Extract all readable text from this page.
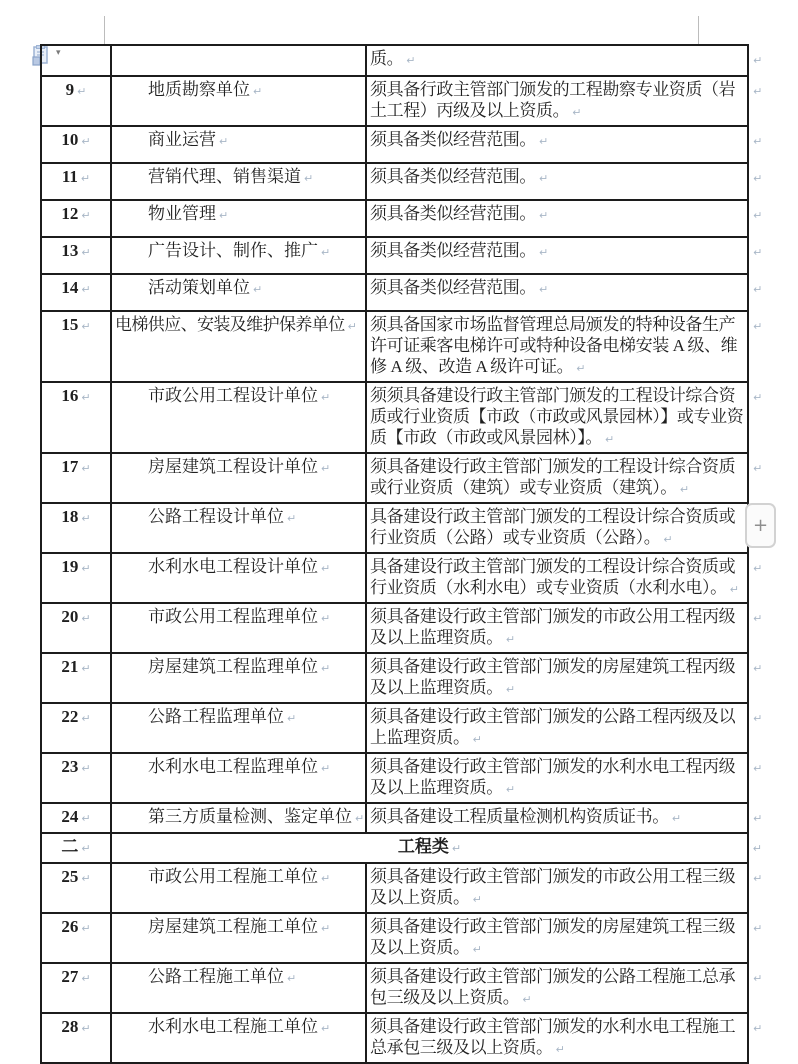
▾
			质。 ↵ ↵
9 ↵	地质勘察单位 ↵	须具备行政主管部门颁发的工程勘察专业资质（岩土工程）丙级及以上资质。 ↵ ↵
10 ↵	商业运营 ↵	须具备类似经营范围。 ↵ ↵
11 ↵	营销代理、销售渠道 ↵	须具备类似经营范围。 ↵ ↵
12 ↵	物业管理 ↵	须具备类似经营范围。 ↵ ↵
13 ↵	广告设计、制作、推广 ↵	须具备类似经营范围。 ↵ ↵
14 ↵	活动策划单位 ↵	须具备类似经营范围。 ↵ ↵
15 ↵	电梯供应、安装及维护保养单位 ↵	须具备国家市场监督管理总局颁发的特种设备生产许可证乘客电梯许可或特种设备电梯安装 A 级、维修 A 级、改造 A 级许可证。 ↵ ↵
16 ↵	市政公用工程设计单位 ↵	须须具备建设行政主管部门颁发的工程设计综合资质或行业资质【市政（市政或风景园林）】或专业资质【市政（市政或风景园林）】。 ↵ ↵
17 ↵	房屋建筑工程设计单位 ↵	须具备建设行政主管部门颁发的工程设计综合资质或行业资质（建筑）或专业资质（建筑）。 ↵ ↵
18 ↵	公路工程设计单位 ↵	具备建设行政主管部门颁发的工程设计综合资质或行业资质（公路）或专业资质（公路）。 ↵ ↵
19 ↵	水利水电工程设计单位 ↵	具备建设行政主管部门颁发的工程设计综合资质或行业资质（水利水电）或专业资质（水利水电）。 ↵ ↵
20 ↵	市政公用工程监理单位 ↵	须具备建设行政主管部门颁发的市政公用工程丙级及以上监理资质。 ↵ ↵
21 ↵	房屋建筑工程监理单位 ↵	须具备建设行政主管部门颁发的房屋建筑工程丙级及以上监理资质。 ↵ ↵
22 ↵	公路工程监理单位 ↵	须具备建设行政主管部门颁发的公路工程丙级及以上监理资质。 ↵ ↵
23 ↵	水利水电工程监理单位 ↵	须具备建设行政主管部门颁发的水利水电工程丙级及以上监理资质。 ↵ ↵
24 ↵	第三方质量检测、鉴定单位 ↵	须具备建设工程质量检测机构资质证书。 ↵ ↵
二 ↵	工程类 ↵ ↵
25 ↵	市政公用工程施工单位 ↵	须具备建设行政主管部门颁发的市政公用工程三级及以上资质。 ↵ ↵
26 ↵	房屋建筑工程施工单位 ↵	须具备建设行政主管部门颁发的房屋建筑工程三级及以上资质。 ↵ ↵
27 ↵	公路工程施工单位 ↵	须具备建设行政主管部门颁发的公路工程施工总承包三级及以上资质。 ↵ ↵
28 ↵	水利水电工程施工单位 ↵	须具备建设行政主管部门颁发的水利水电工程施工总承包三级及以上资质。 ↵ ↵
+
